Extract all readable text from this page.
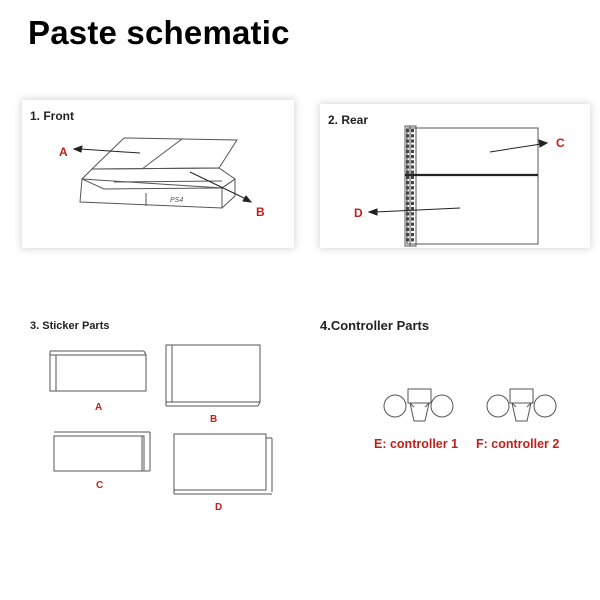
Paste schematic
1. Front
PS4
A
B
2. Rear
C
D
3. Sticker Parts
A
B
C
D
4.Controller Parts
E: controller 1 F: controller 2
